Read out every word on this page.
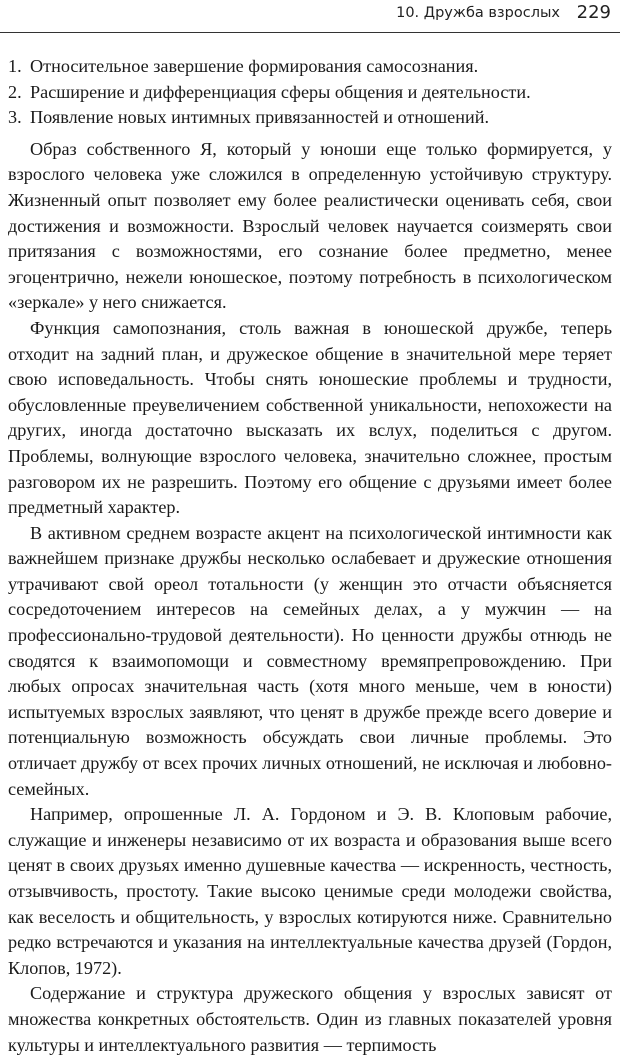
10. Дружба взрослых 229
1. Относительное завершение формирования самосознания.
2. Расширение и дифференциация сферы общения и деятельности.
3. Появление новых интимных привязанностей и отношений.

Образ собственного Я, который у юноши еще только формируется, у взрослого человека уже сложился в определенную устойчивую структуру. Жизненный опыт позволяет ему более реалистически оценивать себя, свои достижения и возможности. Взрослый человек научается соизмерять свои притязания с возможностями, его сознание более предметно, менее эгоцентрично, нежели юношеское, поэтому потребность в психологическом «зеркале» у него снижается.

Функция самопознания, столь важная в юношеской дружбе, теперь отходит на задний план, и дружеское общение в значительной мере теряет свою исповедальность. Чтобы снять юношеские проблемы и трудности, обусловленные преувеличением собственной уникальности, непохожести на других, иногда достаточно высказать их вслух, поделиться с другом. Проблемы, волнующие взрослого человека, значительно сложнее, простым разговором их не разрешить. Поэтому его общение с друзьями имеет более предметный характер.

В активном среднем возрасте акцент на психологической интимности как важнейшем признаке дружбы несколько ослабевает и дружеские отношения утрачивают свой ореол тотальности (у женщин это отчасти объясняется сосредоточением интересов на семейных делах, а у мужчин — на профессионально-трудовой деятельности). Но ценности дружбы отнюдь не сводятся к взаимопомощи и совместному времяпрепровождению. При любых опросах значительная часть (хотя много меньше, чем в юности) испытуемых взрослых заявляют, что ценят в дружбе прежде всего доверие и потенциальную возможность обсуждать свои личные проблемы. Это отличает дружбу от всех прочих личных отношений, не исключая и любовно-семейных.

Например, опрошенные Л. А. Гордоном и Э. В. Клоповым рабочие, служащие и инженеры независимо от их возраста и образования выше всего ценят в своих друзьях именно душевные качества — искренность, честность, отзывчивость, простоту. Такие высоко ценимые среди молодежи свойства, как веселость и общительность, у взрослых котируются ниже. Сравнительно редко встречаются и указания на интеллектуальные качества друзей (Гордон, Клопов, 1972).

Содержание и структура дружеского общения у взрослых зависят от множества конкретных обстоятельств. Один из главных показателей уровня культуры и интеллектуального развития — терпимость
